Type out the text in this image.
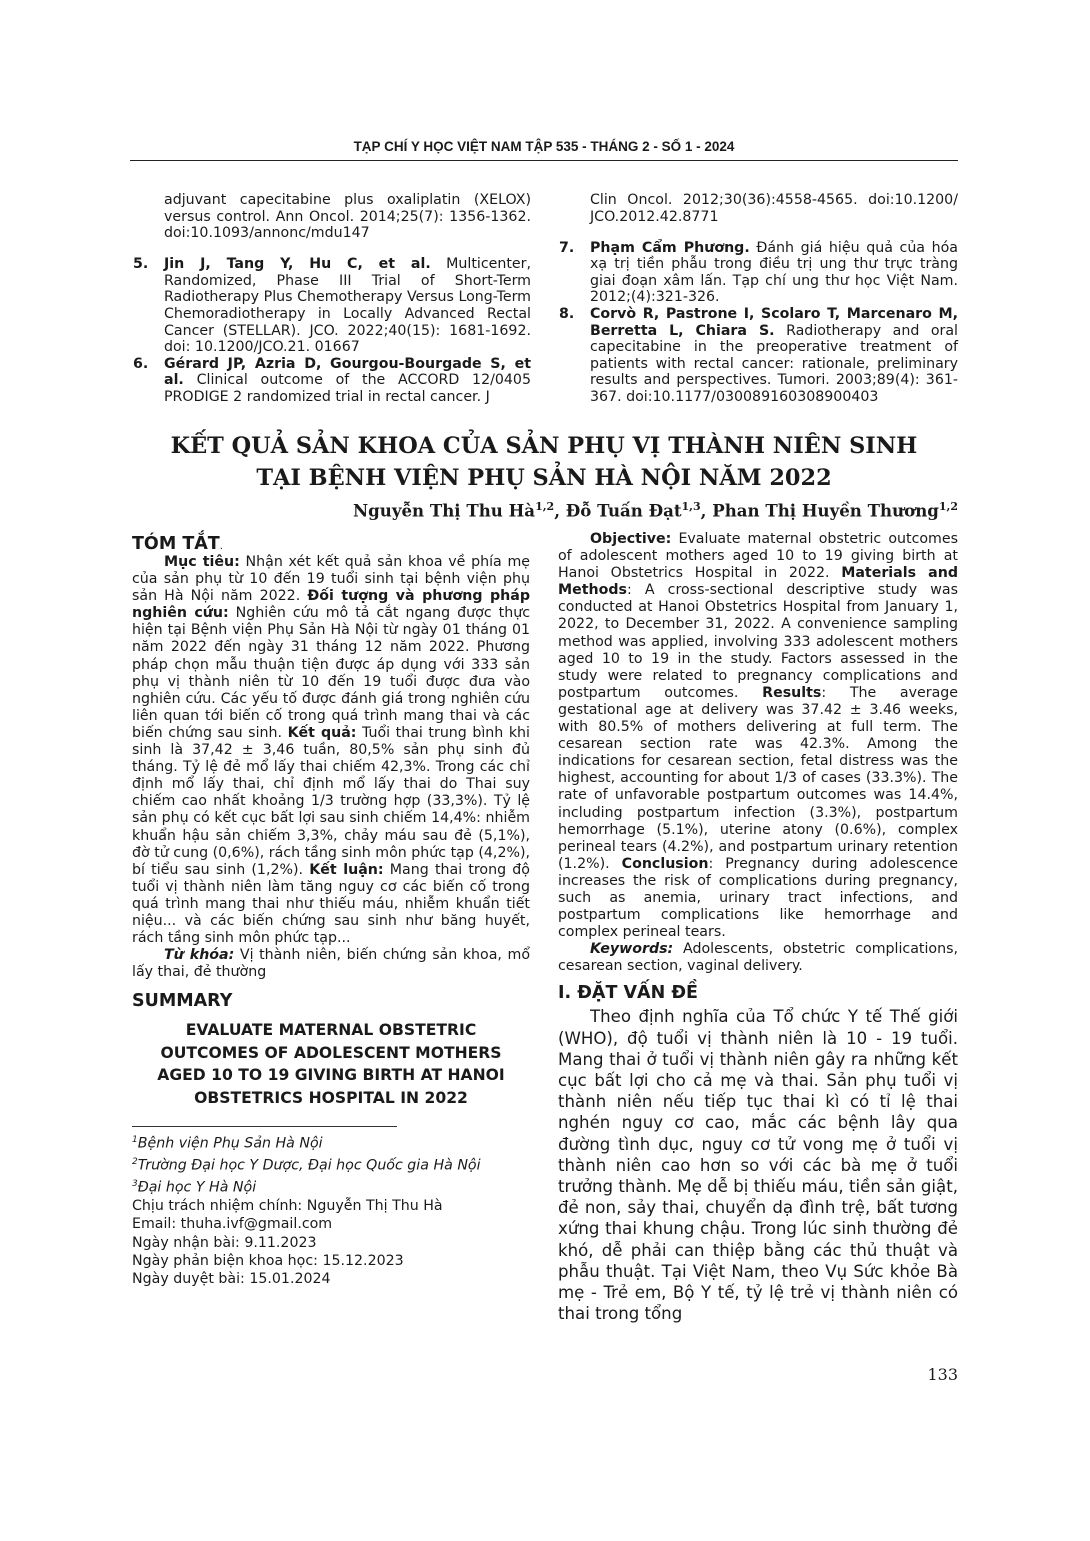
TẠP CHÍ Y HỌC VIỆT NAM TẬP 535 - THÁNG 2 - SỐ 1 - 2024

adjuvant capecitabine plus oxaliplatin (XELOX) versus control. Ann Oncol. 2014;25(7): 1356-1362. doi:10.1093/annonc/mdu147

5. Jin J, Tang Y, Hu C, et al. Multicenter, Randomized, Phase III Trial of Short-Term Radiotherapy Plus Chemotherapy Versus Long-Term Chemoradiotherapy in Locally Advanced Rectal Cancer (STELLAR). JCO. 2022;40(15): 1681-1692. doi: 10.1200/JCO.21. 01667

6. Gérard JP, Azria D, Gourgou-Bourgade S, et al. Clinical outcome of the ACCORD 12/0405 PRODIGE 2 randomized trial in rectal cancer. J

Clin Oncol. 2012;30(36):4558-4565. doi:10.1200/ JCO.2012.42.8771

7. Phạm Cẩm Phương. Đánh giá hiệu quả của hóa xạ trị tiền phẫu trong điều trị ung thư trực tràng giai đoạn xâm lấn. Tạp chí ung thư học Việt Nam. 2012;(4):321-326.

8. Corvò R, Pastrone I, Scolaro T, Marcenaro M, Berretta L, Chiara S. Radiotherapy and oral capecitabine in the preoperative treatment of patients with rectal cancer: rationale, preliminary results and perspectives. Tumori. 2003;89(4): 361-367. doi:10.1177/030089160308900403

KẾT QUẢ SẢN KHOA CỦA SẢN PHỤ VỊ THÀNH NIÊN SINH
TẠI BỆNH VIỆN PHỤ SẢN HÀ NỘI NĂM 2022
Nguyễn Thị Thu Hà$^{1,2}$, Đỗ Tuấn Đạt$^{1,3}$, Phan Thị Huyền Thương$^{1,2}$
TÓM TẮT.

Mục tiêu: Nhận xét kết quả sản khoa về phía mẹ của sản phụ từ 10 đến 19 tuổi sinh tại bệnh viện phụ sản Hà Nội năm 2022. Đối tượng và phương pháp nghiên cứu: Nghiên cứu mô tả cắt ngang được thực hiện tại Bệnh viện Phụ Sản Hà Nội từ ngày 01 tháng 01 năm 2022 đến ngày 31 tháng 12 năm 2022. Phương pháp chọn mẫu thuận tiện được áp dụng với 333 sản phụ vị thành niên từ 10 đến 19 tuổi được đưa vào nghiên cứu. Các yếu tố được đánh giá trong nghiên cứu liên quan tới biến cố trong quá trình mang thai và các biến chứng sau sinh. Kết quả: Tuổi thai trung bình khi sinh là 37,42 ± 3,46 tuần, 80,5% sản phụ sinh đủ tháng. Tỷ lệ đẻ mổ lấy thai chiếm 42,3%. Trong các chỉ định mổ lấy thai, chỉ định mổ lấy thai do Thai suy chiếm cao nhất khoảng 1/3 trường hợp (33,3%). Tỷ lệ sản phụ có kết cục bất lợi sau sinh chiếm 14,4%: nhiễm khuẩn hậu sản chiếm 3,3%, chảy máu sau đẻ (5,1%), đờ tử cung (0,6%), rách tầng sinh môn phức tạp (4,2%), bí tiểu sau sinh (1,2%). Kết luận: Mang thai trong độ tuổi vị thành niên làm tăng nguy cơ các biến cố trong quá trình mang thai như thiếu máu, nhiễm khuẩn tiết niệu... và các biến chứng sau sinh như băng huyết, rách tầng sinh môn phức tạp...

Từ khóa: Vị thành niên, biến chứng sản khoa, mổ lấy thai, đẻ thường

SUMMARY
EVALUATE MATERNAL OBSTETRIC
OUTCOMES OF ADOLESCENT MOTHERS
AGED 10 TO 19 GIVING BIRTH AT HANOI
OBSTETRICS HOSPITAL IN 2022
$^1$Bệnh viện Phụ Sản Hà Nội
$^2$Trường Đại học Y Dược, Đại học Quốc gia Hà Nội
$^3$Đại học Y Hà Nội
Chịu trách nhiệm chính: Nguyễn Thị Thu Hà
Email: thuha.ivf@gmail.com
Ngày nhận bài: 9.11.2023
Ngày phản biện khoa học: 15.12.2023
Ngày duyệt bài: 15.01.2024

Objective: Evaluate maternal obstetric outcomes of adolescent mothers aged 10 to 19 giving birth at Hanoi Obstetrics Hospital in 2022. Materials and Methods: A cross-sectional descriptive study was conducted at Hanoi Obstetrics Hospital from January 1, 2022, to December 31, 2022. A convenience sampling method was applied, involving 333 adolescent mothers aged 10 to 19 in the study. Factors assessed in the study were related to pregnancy complications and postpartum outcomes. Results: The average gestational age at delivery was 37.42 ± 3.46 weeks, with 80.5% of mothers delivering at full term. The cesarean section rate was 42.3%. Among the indications for cesarean section, fetal distress was the highest, accounting for about 1/3 of cases (33.3%). The rate of unfavorable postpartum outcomes was 14.4%, including postpartum infection (3.3%), postpartum hemorrhage (5.1%), uterine atony (0.6%), complex perineal tears (4.2%), and postpartum urinary retention (1.2%). Conclusion: Pregnancy during adolescence increases the risk of complications during pregnancy, such as anemia, urinary tract infections, and postpartum complications like hemorrhage and complex perineal tears.

Keywords: Adolescents, obstetric complications, cesarean section, vaginal delivery.

I. ĐẶT VẤN ĐỀ

Theo định nghĩa của Tổ chức Y tế Thế giới (WHO), độ tuổi vị thành niên là 10 - 19 tuổi. Mang thai ở tuổi vị thành niên gây ra những kết cục bất lợi cho cả mẹ và thai. Sản phụ tuổi vị thành niên nếu tiếp tục thai kì có tỉ lệ thai nghén nguy cơ cao, mắc các bệnh lây qua đường tình dục, nguy cơ tử vong mẹ ở tuổi vị thành niên cao hơn so với các bà mẹ ở tuổi trưởng thành. Mẹ dễ bị thiếu máu, tiền sản giật, đẻ non, sảy thai, chuyển dạ đình trệ, bất tương xứng thai khung chậu. Trong lúc sinh thường đẻ khó, dễ phải can thiệp bằng các thủ thuật và phẫu thuật. Tại Việt Nam, theo Vụ Sức khỏe Bà mẹ - Trẻ em, Bộ Y tế, tỷ lệ trẻ vị thành niên có thai trong tổng

133
